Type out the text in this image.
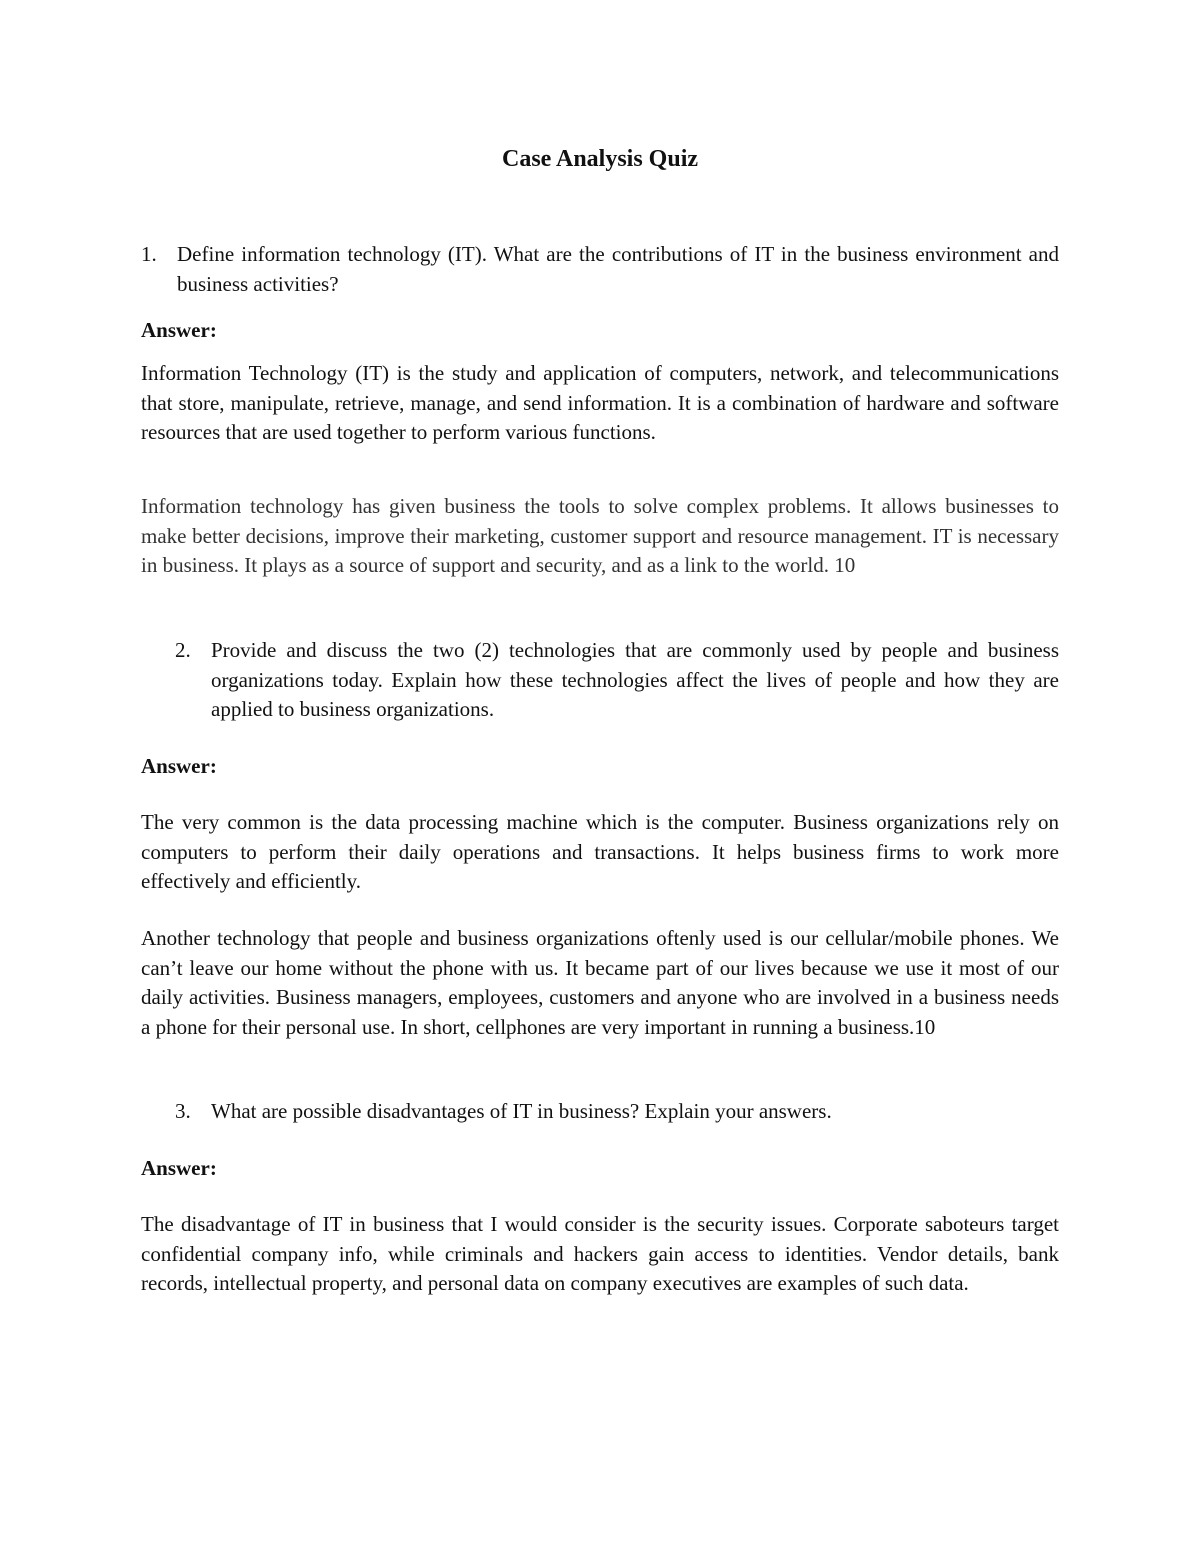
Case Analysis Quiz
1. Define information technology (IT). What are the contributions of IT in the business environment and business activities?
Answer:

Information Technology (IT) is the study and application of computers, network, and telecommunications that store, manipulate, retrieve, manage, and send information. It is a combination of hardware and software resources that are used together to perform various functions.

Information technology has given business the tools to solve complex problems. It allows businesses to make better decisions, improve their marketing, customer support and resource management. IT is necessary in business. It plays as a source of support and security, and as a link to the world. 10

2. Provide and discuss the two (2) technologies that are commonly used by people and business organizations today. Explain how these technologies affect the lives of people and how they are applied to business organizations.
Answer:

The very common is the data processing machine which is the computer. Business organizations rely on computers to perform their daily operations and transactions. It helps business firms to work more effectively and efficiently.

Another technology that people and business organizations oftenly used is our cellular/mobile phones. We can’t leave our home without the phone with us. It became part of our lives because we use it most of our daily activities. Business managers, employees, customers and anyone who are involved in a business needs a phone for their personal use. In short, cellphones are very important in running a business.10

3. What are possible disadvantages of IT in business? Explain your answers.
Answer:

The disadvantage of IT in business that I would consider is the security issues. Corporate saboteurs target confidential company info, while criminals and hackers gain access to identities. Vendor details, bank records, intellectual property, and personal data on company executives are examples of such data.
